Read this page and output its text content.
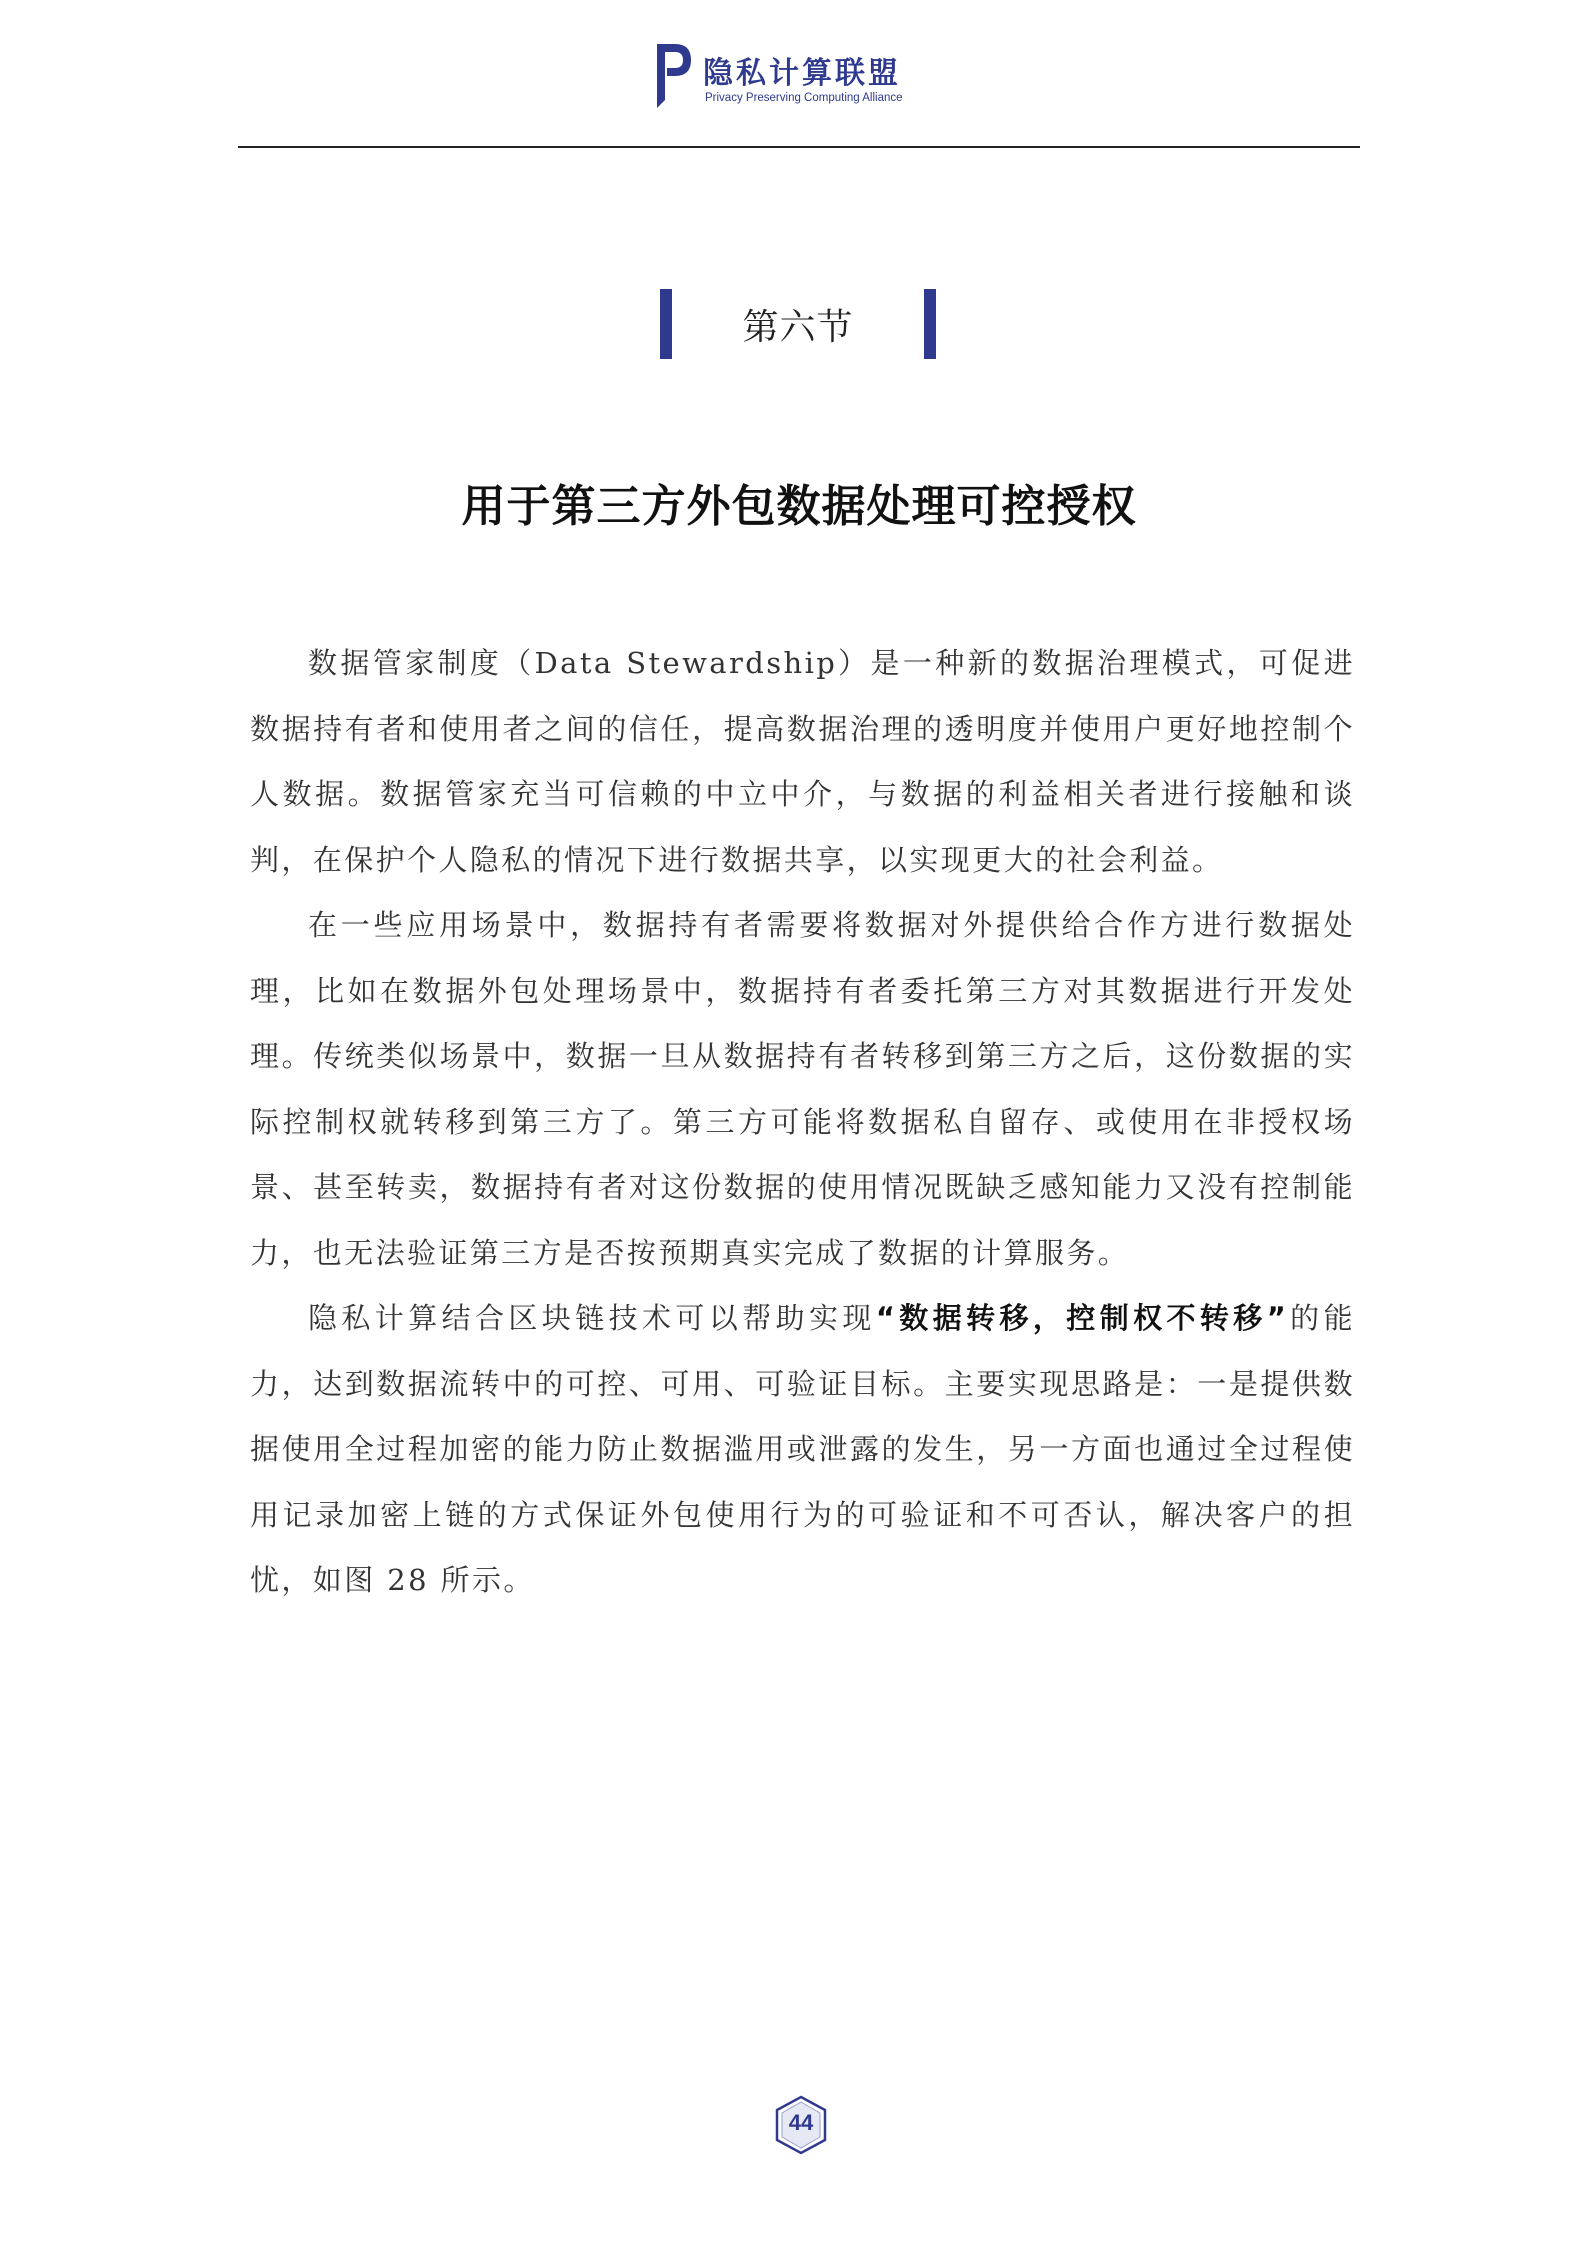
隐私计算联盟
Privacy Preserving Computing Alliance
第六节
用于第三方外包数据处理可控授权

数据管家制度（Data Stewardship）是一种新的数据治理模式，可促进数据持有者和使用者之间的信任，提高数据治理的透明度并使用户更好地控制个人数据。数据管家充当可信赖的中立中介，与数据的利益相关者进行接触和谈判，在保护个人隐私的情况下进行数据共享，以实现更大的社会利益。

在一些应用场景中，数据持有者需要将数据对外提供给合作方进行数据处理，比如在数据外包处理场景中，数据持有者委托第三方对其数据进行开发处理。传统类似场景中，数据一旦从数据持有者转移到第三方之后，这份数据的实际控制权就转移到第三方了。第三方可能将数据私自留存、或使用在非授权场景、甚至转卖，数据持有者对这份数据的使用情况既缺乏感知能力又没有控制能力，也无法验证第三方是否按预期真实完成了数据的计算服务。

隐私计算结合区块链技术可以帮助实现“数据转移，控制权不转移”的能力，达到数据流转中的可控、可用、可验证目标。主要实现思路是：一是提供数据使用全过程加密的能力防止数据滥用或泄露的发生，另一方面也通过全过程使用记录加密上链的方式保证外包使用行为的可验证和不可否认，解决客户的担忧，如图 28 所示。

44
